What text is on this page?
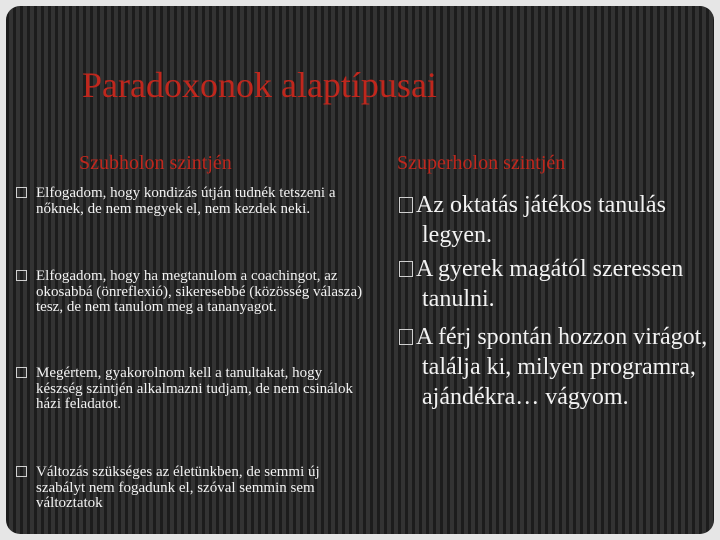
Paradoxonok alaptípusai
Szubholon szintjén	Szuperholon szintjén

Elfogadom, hogy kondizás útján tudnék tetszeni a nőknek, de nem megyek el, nem kezdek neki.

Elfogadom, hogy ha megtanulom a coachingot, az okosabbá (önreflexió), sikeresebbé (közösség válasza) tesz, de nem tanulom meg a tananyagot.

Megértem, gyakorolnom kell a tanultakat, hogy készség szintjén alkalmazni tudjam, de nem csinálok házi feladatot.

Változás szükséges az életünkben, de semmi új szabályt nem fogadunk el, szóval semmin sem változtatok

Az oktatás játékos tanulás legyen.

A gyerek magától szeressen tanulni.

A férj spontán hozzon virágot, találja ki, milyen programra, ajándékra… vágyom.
